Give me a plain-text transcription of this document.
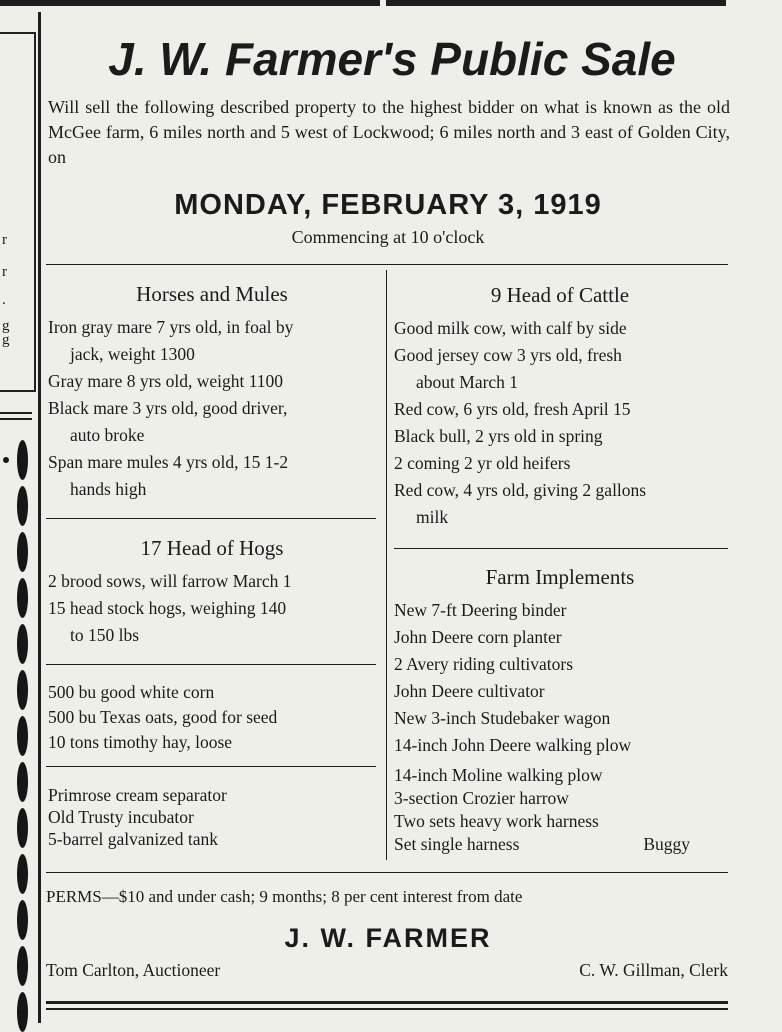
r
r
.
g
g
J. W. Farmer's Public Sale
Will sell the following described property to the highest bidder on what is known as the old McGee farm, 6 miles north and 5 west of Lockwood; 6 miles north and 3 east of Golden City, on
MONDAY, FEBRUARY 3, 1919
Commencing at 10 o'clock
Horses and Mules
Iron gray mare 7 yrs old, in foal by
jack, weight 1300
Gray mare 8 yrs old, weight 1100
Black mare 3 yrs old, good driver,
auto broke
Span mare mules 4 yrs old, 15 1-2
hands high
17 Head of Hogs
2 brood sows, will farrow March 1
15 head stock hogs, weighing 140
to 150 lbs
500 bu good white corn
500 bu Texas oats, good for seed
10 tons timothy hay, loose
Primrose cream separator
Old Trusty incubator
5-barrel galvanized tank
9 Head of Cattle
Good milk cow, with calf by side
Good jersey cow 3 yrs old, fresh
about March 1
Red cow, 6 yrs old, fresh April 15
Black bull, 2 yrs old in spring
2 coming 2 yr old heifers
Red cow, 4 yrs old, giving 2 gallons
milk
Farm Implements
New 7-ft Deering binder
John Deere corn planter
2 Avery riding cultivators
John Deere cultivator
New 3-inch Studebaker wagon
14-inch John Deere walking plow
14-inch Moline walking plow
3-section Crozier harrow
Two sets heavy work harness
Set single harness	Buggy
PERMS—$10 and under cash; 9 months; 8 per cent interest from date
J. W. FARMER
Tom Carlton, Auctioneer	C. W. Gillman, Clerk
